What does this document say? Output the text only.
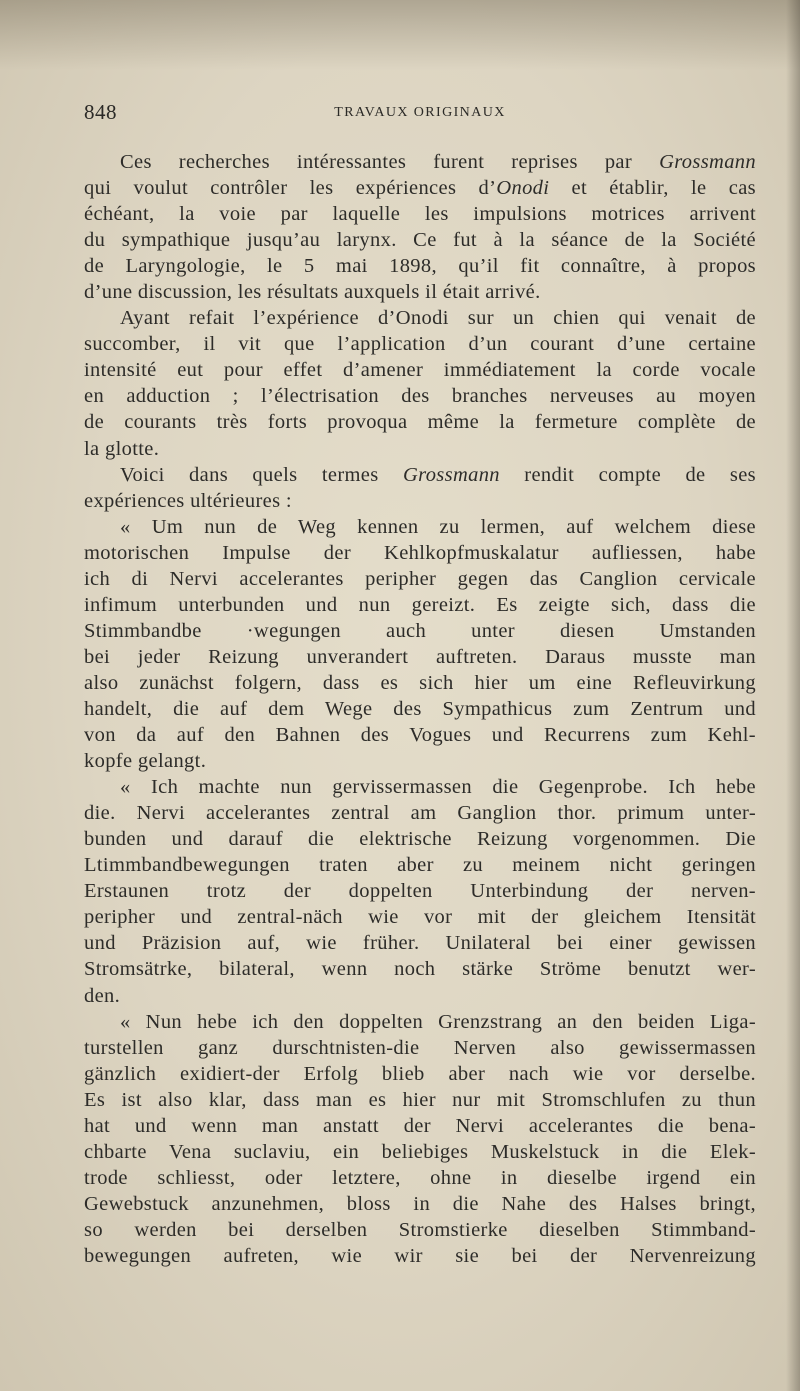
848	TRAVAUX ORIGINAUX
Ces recherches intéressantes furent reprises par Grossmann
qui voulut contrôler les expériences d’Onodi et établir, le cas
échéant, la voie par laquelle les impulsions motrices arrivent
du sympathique jusqu’au larynx. Ce fut à la séance de la Société
de Laryngologie, le 5 mai 1898, qu’il fit connaître, à propos
d’une discussion, les résultats auxquels il était arrivé.
Ayant refait l’expérience d’Onodi sur un chien qui venait de
succomber, il vit que l’application d’un courant d’une certaine
intensité eut pour effet d’amener immédiatement la corde vocale
en adduction ; l’électrisation des branches nerveuses au moyen
de courants très forts provoqua même la fermeture complète de
la glotte.
Voici dans quels termes Grossmann rendit compte de ses
expériences ultérieures :
« Um nun de Weg kennen zu lermen, auf welchem diese
motorischen Impulse der Kehlkopfmuskalatur aufliessen, habe
ich di Nervi accelerantes peripher gegen das Canglion cervicale
infimum unterbunden und nun gereizt. Es zeigte sich, dass die
Stimmbandbe ·wegungen auch unter diesen Umstanden
bei jeder Reizung unverandert auftreten. Daraus musste man
also zunächst folgern, dass es sich hier um eine Refleuvirkung
handelt, die auf dem Wege des Sympathicus zum Zentrum und
von da auf den Bahnen des Vogues und Recurrens zum Kehl-
kopfe gelangt.
« Ich machte nun gervissermassen die Gegenprobe. Ich hebe
die. Nervi accelerantes zentral am Ganglion thor. primum unter-
bunden und darauf die elektrische Reizung vorgenommen. Die
Ltimmbandbewegungen traten aber zu meinem nicht geringen
Erstaunen trotz der doppelten Unterbindung der nerven-
peripher und zentral-näch wie vor mit der gleichem Itensität
und Präzision auf, wie früher. Unilateral bei einer gewissen
Stromsätrke, bilateral, wenn noch stärke Ströme benutzt wer-
den.
« Nun hebe ich den doppelten Grenzstrang an den beiden Liga-
turstellen ganz durschtnisten-die Nerven also gewissermassen
gänzlich exidiert-der Erfolg blieb aber nach wie vor derselbe.
Es ist also klar, dass man es hier nur mit Stromschlufen zu thun
hat und wenn man anstatt der Nervi accelerantes die bena-
chbarte Vena suclaviu, ein beliebiges Muskelstuck in die Elek-
trode schliesst, oder letztere, ohne in dieselbe irgend ein
Gewebstuck anzunehmen, bloss in die Nahe des Halses bringt,
so werden bei derselben Stromstierke dieselben Stimmband-
bewegungen aufreten, wie wir sie bei der Nervenreizung
